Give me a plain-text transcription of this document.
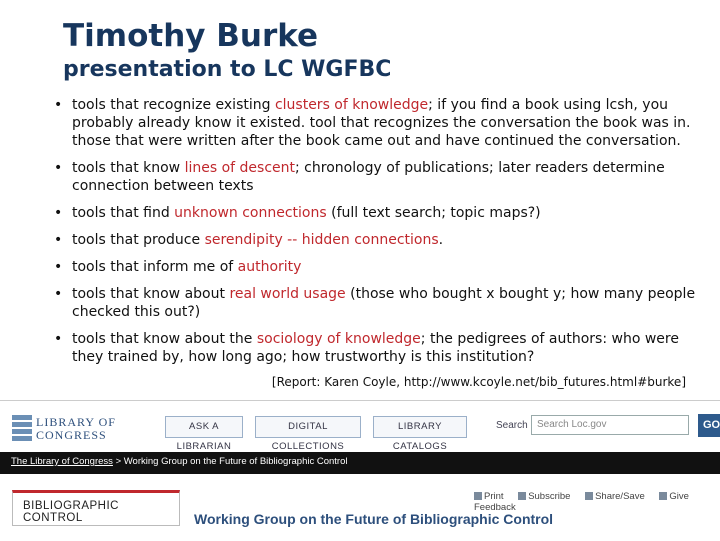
Timothy Burke
presentation to LC WGFBC
• tools that recognize existing clusters of knowledge; if you find a book using lcsh, you probably already know it existed. tool that recognizes the conversation the book was in. those that were written after the book came out and have continued the conversation.
• tools that know lines of descent; chronology of publications; later readers determine connection between texts
• tools that find unknown connections (full text search; topic maps?)
• tools that produce serendipity -- hidden connections.
• tools that inform me of authority
• tools that know about real world usage (those who bought x bought y; how many people checked this out?)
• tools that know about the sociology of knowledge; the pedigrees of authors: who were they trained by, how long ago; how trustworthy is this institution?
[Report: Karen Coyle, http://www.kcoyle.net/bib_futures.html#burke]
LIBRARY OF
CONGRESS
ASK A LIBRARIAN
DIGITAL COLLECTIONS
LIBRARY CATALOGS
Search Search Loc.gov	GO
The Library of Congress > Working Group on the Future of Bibliographic Control
BIBLIOGRAPHIC CONTROL
Print	Subscribe	Share/Save	Give Feedback
Working Group on the Future of Bibliographic Control
